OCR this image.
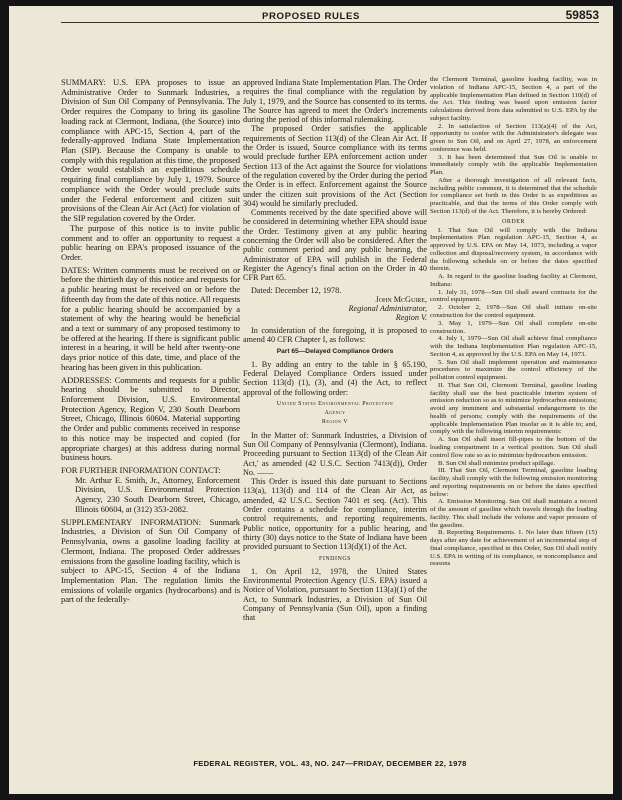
PROPOSED RULES	59853

SUMMARY: U.S. EPA proposes to issue an Administrative Order to Sunmark Industries, a Division of Sun Oil Company of Pennsylvania. The Order requires the Company to bring its gasoline loading rack at Clermont, Indiana, (the Source) into compliance with APC-15, Section 4, part of the federally-approved Indiana State Implementation Plan (SIP). Because the Company is unable to comply with this regulation at this time, the proposed Order would establish an expeditious schedule requiring final compliance by July 1, 1979. Source compliance with the Order would preclude suits under the Federal enforcement and citizen suit provisions of the Clean Air Act (Act) for violation of the SIP regulation covered by the Order.

The purpose of this notice is to invite public comment and to offer an opportunity to request a public hearing on EPA's proposed issuance of the Order.

DATES: Written comments must be received on or before the thirtieth day of this notice and requests for a public hearing must be received on or before the fifteenth day from the date of this notice. All requests for a public hearing should be accompanied by a statement of why the hearing would be beneficial and a text or summary of any proposed testimony to be offered at the hearing. If there is significant public interest in a hearing, it will be held after twenty-one days prior notice of this date, time, and place of the hearing has been given in this publication.

ADDRESSES: Comments and requests for a public hearing should be submitted to Director, Enforcement Division, U.S. Environmental Protection Agency, Region V, 230 South Dearborn Street, Chicago, Illinois 60604. Material supporting the Order and public comments received in response to this notice may be inspected and copied (for appropriate charges) at this address during normal business hours.

FOR FURTHER INFORMATION CONTACT:

Mr. Arthur E. Smith, Jr., Attorney, Enforcement Division, U.S. Environmental Protection Agency, 230 South Dearborn Street, Chicago, Illinois 60604, at (312) 353-2082.

SUPPLEMENTARY INFORMATION: Sunmark Industries, a Division of Sun Oil Company of Pennsylvania, owns a gasoline loading facility at Clermont, Indiana. The proposed Order addresses emissions from the gasoline loading facility, which is subject to APC-15, Section 4 of the Indiana Implementation Plan. The regulation limits the emissions of volatile organics (hydrocarbons) and is part of the federally-

approved Indiana State Implementation Plan. The Order requires the final compliance with the regulation by July 1, 1979, and the Source has consented to its terms. The Source has agreed to meet the Order's increments during the period of this informal rulemaking.

The proposed Order satisfies the applicable requirements of Section 113(d) of the Clean Air Act. If the Order is issued, Source compliance with its terms would preclude further EPA enforcement action under Section 113 of the Act against the Source for violations of the regulation covered by the Order during the period the Order is in effect. Enforcement against the Source under the citizen suit provisions of the Act (Section 304) would be similarly precluded.

Comments received by the date specified above will be considered in determining whether EPA should issue the Order. Testimony given at any public hearing concerning the Order will also be considered. After the public comment period and any public hearing, the Administrator of EPA will publish in the Federal Register the Agency's final action on the Order in 40 CFR Part 65.

Dated: December 12, 1978.

John McGuire,
Regional Administrator,
Region V.

In consideration of the foregoing, it is proposed to amend 40 CFR Chapter I, as follows:

Part 65—Delayed Compliance Orders

1. By adding an entry to the table in § 65.190, Federal Delayed Compliance Orders issued under Section 113(d) (1), (3), and (4) the Act, to reflect approval of the following order:

United States Environmental Protection

Agency

Region V

In the Matter of: Sunmark Industries, a Division of Sun Oil Company of Pennsylvania (Clermont), Indiana. Proceeding pursuant to Section 113(d) of the Clean Air Act,' as amended (42 U.S.C. Section 7413(d)), Order No. ——

This Order is issued this date pursuant to Sections 113(a), 113(d) and 114 of the Clean Air Act, as amended, 42 U.S.C. Section 7401 et seq. (Act). This Order contains a schedule for compliance, interim control requirements, and reporting requirements. Public notice, opportunity for a public hearing, and thirty (30) days notice to the State of Indiana have been provided pursuant to Section 113(d)(1) of the Act.

FINDINGS

1. On April 12, 1978, the United States Environmental Protection Agency (U.S. EPA) issued a Notice of Violation, pursuant to Section 113(a)(1) of the Act, to Sunmark Industries, a Division of Sun Oil Company of Pennsylvania (Sun Oil), upon a finding that

the Clermont Terminal, gasoline loading facility, was in violation of Indiana APC-15, Section 4, a part of the applicable Implementation Plan defined in Section 110(d) of the Act. This finding was based upon emission factor calculations derived from data submitted to U.S. EPA by the subject facility.

2. In satisfaction of Section 113(a)(4) of the Act, opportunity to confer with the Administrator's delegate was given to Sun Oil, and on April 27, 1978, an enforcement conference was held.

3. It has been determined that Sun Oil is unable to immediately comply with the applicable Implementation Plan.

After a thorough investigation of all relevant facts, including public comment, it is determined that the schedule for compliance set forth in this Order is as expeditious as practicable, and that the terms of this Order comply with Section 113(d) of the Act. Therefore, it is hereby Ordered:

ORDER

I. That Sun Oil will comply with the Indiana Implementation Plan regulation APC-15, Section 4, as approved by U.S. EPA on May 14, 1973, including a vapor collection and disposal/recovery system, in accordance with the following schedule on or before the dates specified therein.

A. In regard to the gasoline loading facility at Clermont, Indiana:

1. July 31, 1978—Sun Oil shall award contracts for the control equipment.

2. October 2, 1978—Sun Oil shall initiate on-site construction for the control equipment.

3. May 1, 1979—Sun Oil shall complete on-site construction.

4. July 1, 1979—Sun Oil shall achieve final compliance with the Indiana Implementation Plan regulation APC-15, Section 4, as approved by the U.S. EPA on May 14, 1973.

5. Sun Oil shall implement operation and maintenance procedures to maximize the control efficiency of the pollution control equipment.

II. That Sun Oil, Clermont Terminal, gasoline loading facility shall use the best practicable interim system of emission reduction so as to minimize hydrocarbon emissions; avoid any imminent and substantial endangerment to the health of persons; comply with the requirements of the applicable Implementation Plan insofar as it is able to; and, comply with the following interim requirements:

A. Sun Oil shall insert fill-pipes to the bottom of the loading compartment in a vertical position. Sun Oil shall control flow rate so as to minimize hydrocarbon emission.

B. Sun Oil shall minimize product spillage.

III. That Sun Oil, Clermont Terminal, gasoline loading facility, shall comply with the following emission monitoring and reporting requirements on or before the dates specified below:

A. Emission Monitoring. Sun Oil shall maintain a record of the amount of gasoline which travels through the loading facility. This shall include the volume and vapor pressure of the gasoline.

B. Reporting Requirements. 1. No later than fifteen (15) days after any date for achievement of an incremental step of final compliance, specified in this Order, Sun Oil shall notify U.S. EPA in writing of its compliance, or noncompliance and reasons

FEDERAL REGISTER, VOL. 43, NO. 247—FRIDAY, DECEMBER 22, 1978
